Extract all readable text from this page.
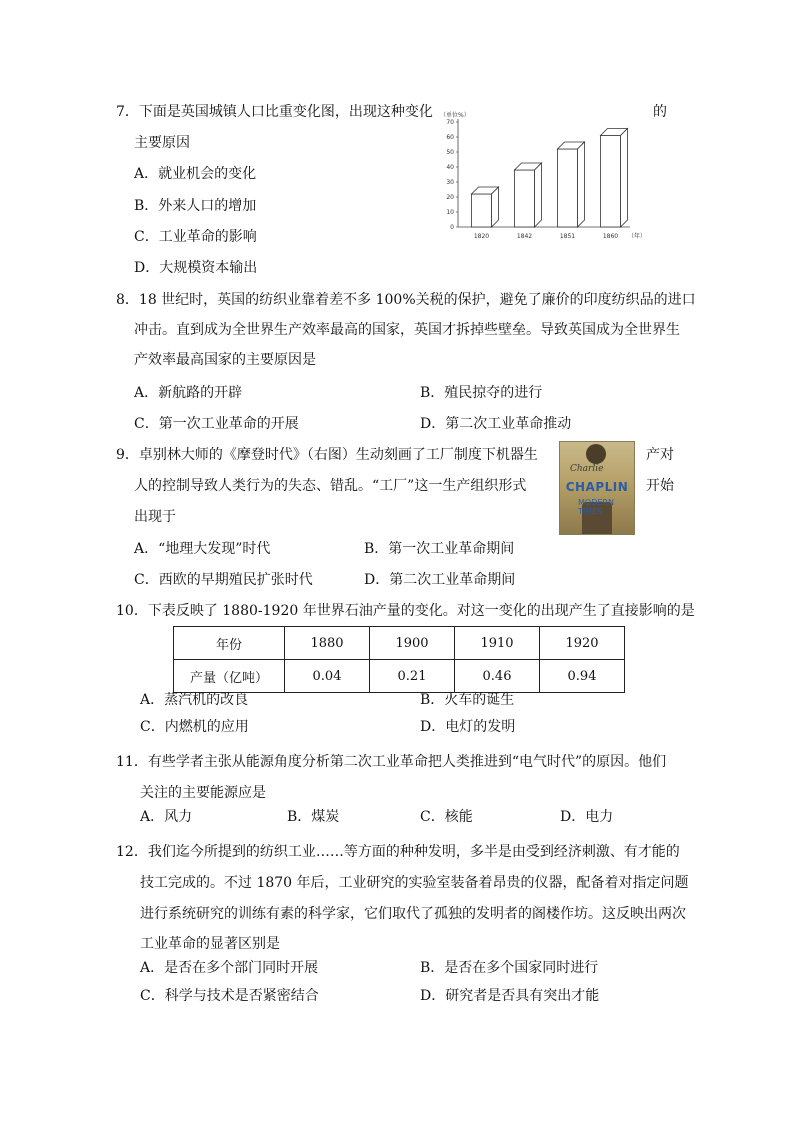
7．下面是英国城镇人口比重变化图，出现这种变化	的
主要原因
A．就业机会的变化
B．外来人口的增加
C．工业革命的影响
D．大规模资本输出
（单位%）
0
10
20
30
40
50
60
70
1820	1842	1851	1860 （年）
8．18 世纪时，英国的纺织业靠着差不多 100%关税的保护，避免了廉价的印度纺织品的进口
冲击。直到成为全世界生产效率最高的国家，英国才拆掉些壁垒。导致英国成为全世界生
产效率最高国家的主要原因是
A．新航路的开辟	B．殖民掠夺的进行
C．第一次工业革命的开展	D．第二次工业革命推动
9．卓别林大师的《摩登时代》（右图）生动刻画了工厂制度下机器生	产对
人的控制导致人类行为的失态、错乱。“工厂”这一生产组织形式	开始
出现于
A．“地理大发现”时代	B．第一次工业革命期间
C．西欧的早期殖民扩张时代	D．第二次工业革命期间
Charlie
CHAPLIN
MODERN TIMES
10．下表反映了 1880-1920 年世界石油产量的变化。对这一变化的出现产生了直接影响的是
年份	1880	1900	1910	1920
产量（亿吨）	0.04	0.21	0.46	0.94
A．蒸汽机的改良	B．火车的诞生
C．内燃机的应用	D．电灯的发明
11．有些学者主张从能源角度分析第二次工业革命把人类推进到“电气时代”的原因。他们
关注的主要能源应是
A．风力	B．煤炭	C．核能	D．电力
12．我们迄今所提到的纺织工业……等方面的种种发明，多半是由受到经济刺激、有才能的
技工完成的。不过 1870 年后，工业研究的实验室装备着昂贵的仪器，配备着对指定问题
进行系统研究的训练有素的科学家，它们取代了孤独的发明者的阁楼作坊。这反映出两次
工业革命的显著区别是
A．是否在多个部门同时开展	B．是否在多个国家同时进行
C．科学与技术是否紧密结合	D．研究者是否具有突出才能
